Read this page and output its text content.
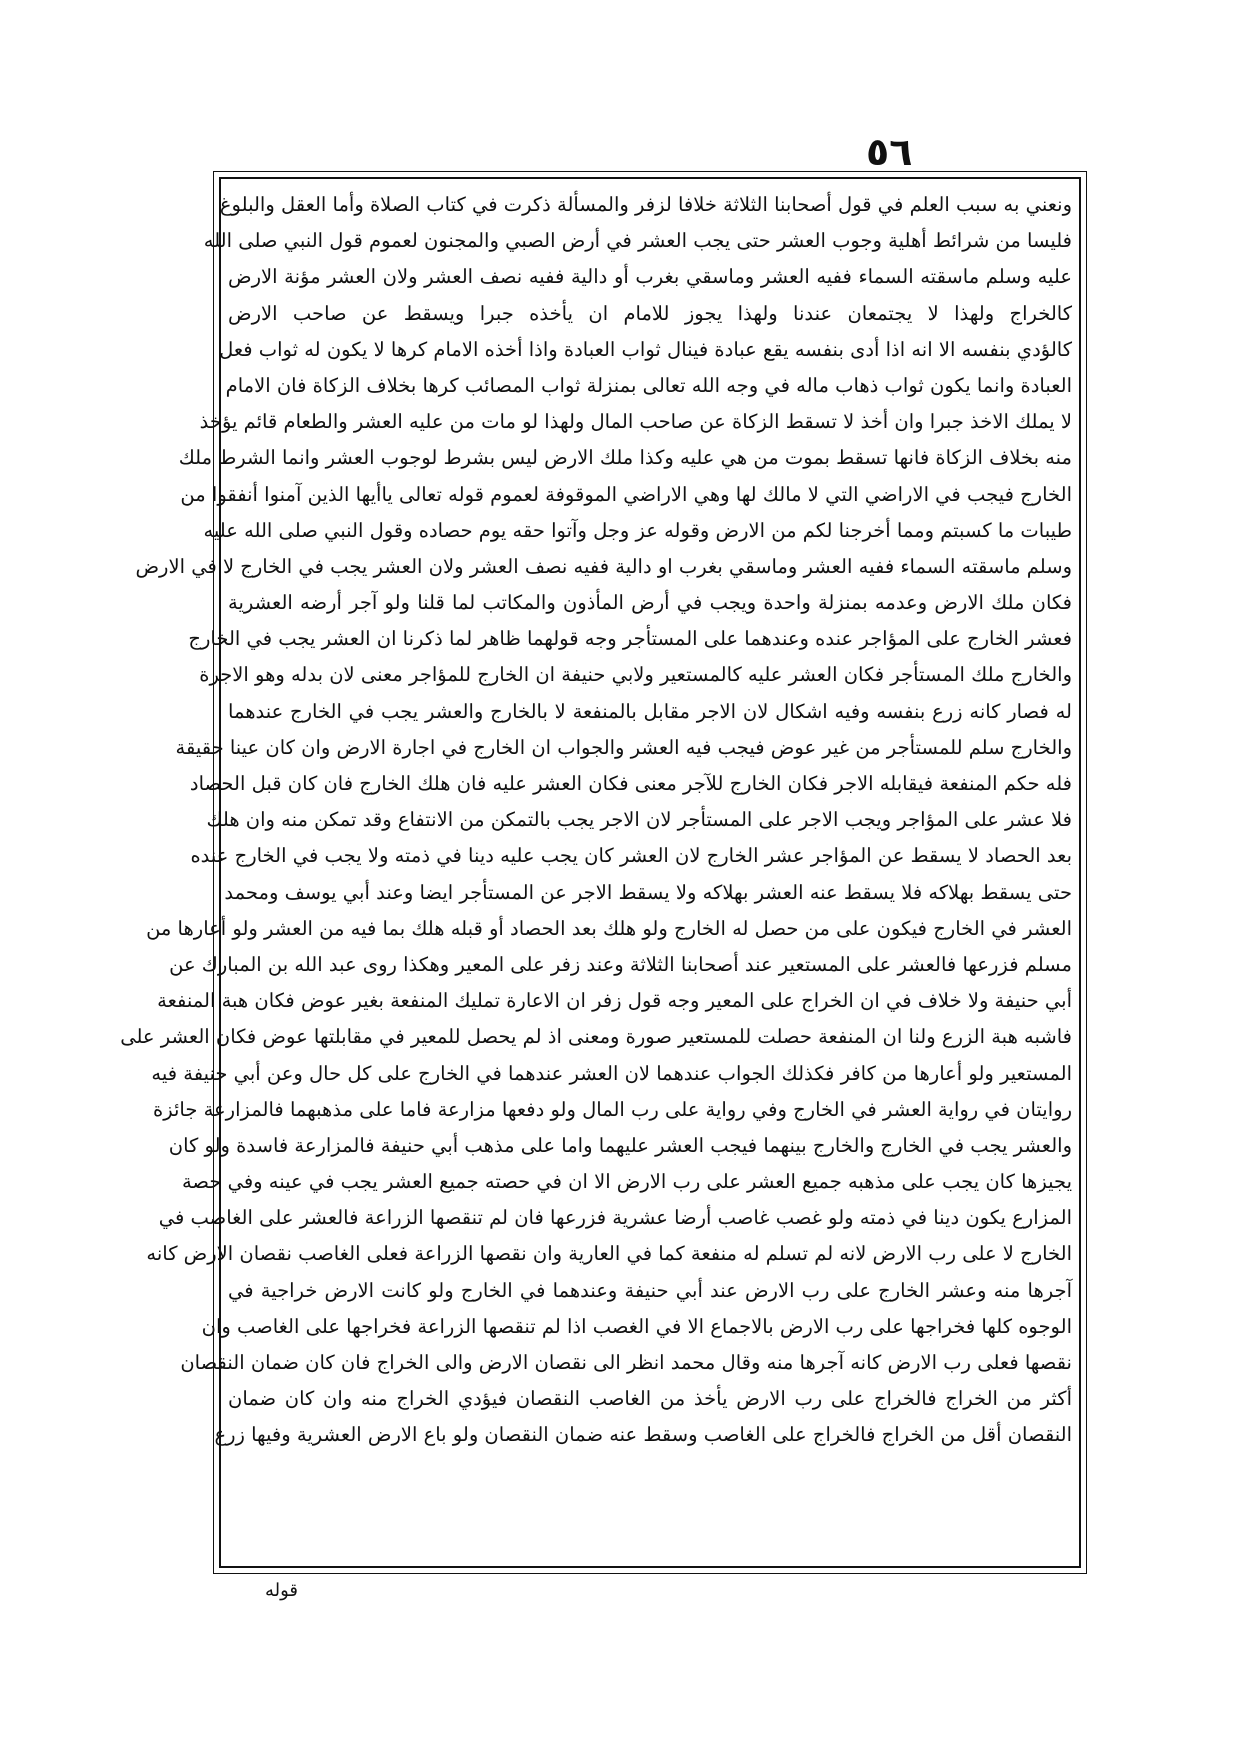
٥٦
ونعني به سبب العلم في قول أصحابنا الثلاثة خلافا لزفر والمسألة ذكرت في كتاب الصلاة وأما العقل والبلوغ
فليسا من شرائط أهلية وجوب العشر حتى يجب العشر في أرض الصبي والمجنون لعموم قول النبي صلى الله
عليه وسلم ماسقته السماء ففيه العشر وماسقي بغرب أو دالية ففيه نصف العشر ولان العشر مؤنة الارض
كالخراج ولهذا لا يجتمعان عندنا ولهذا يجوز للامام ان يأخذه جبرا ويسقط عن صاحب الارض
كالؤدي بنفسه الا انه اذا أدى بنفسه يقع عبادة فينال ثواب العبادة واذا أخذه الامام كرها لا يكون له ثواب فعل
العبادة وانما يكون ثواب ذهاب ماله في وجه الله تعالى بمنزلة ثواب المصائب كرها بخلاف الزكاة فان الامام
لا يملك الاخذ جبرا وان أخذ لا تسقط الزكاة عن صاحب المال ولهذا لو مات من عليه العشر والطعام قائم يؤخذ
منه بخلاف الزكاة فانها تسقط بموت من هي عليه وكذا ملك الارض ليس بشرط لوجوب العشر وانما الشرط ملك
الخارج فيجب في الاراضي التي لا مالك لها وهي الاراضي الموقوفة لعموم قوله تعالى ياأيها الذين آمنوا أنفقوا من
طيبات ما كسبتم ومما أخرجنا لكم من الارض وقوله عز وجل وآتوا حقه يوم حصاده وقول النبي صلى الله عليه
وسلم ماسقته السماء ففيه العشر وماسقي بغرب او دالية ففيه نصف العشر ولان العشر يجب في الخارج لا في الارض
فكان ملك الارض وعدمه بمنزلة واحدة ويجب في أرض المأذون والمكاتب لما قلنا ولو آجر أرضه العشرية
فعشر الخارج على المؤاجر عنده وعندهما على المستأجر وجه قولهما ظاهر لما ذكرنا ان العشر يجب في الخارج
والخارج ملك المستأجر فكان العشر عليه كالمستعير ولابي حنيفة ان الخارج للمؤاجر معنى لان بدله وهو الاجرة
له فصار كانه زرع بنفسه وفيه اشكال لان الاجر مقابل بالمنفعة لا بالخارج والعشر يجب في الخارج عندهما
والخارج سلم للمستأجر من غير عوض فيجب فيه العشر والجواب ان الخارج في اجارة الارض وان كان عينا حقيقة
فله حكم المنفعة فيقابله الاجر فكان الخارج للآجر معنى فكان العشر عليه فان هلك الخارج فان كان قبل الحصاد
فلا عشر على المؤاجر ويجب الاجر على المستأجر لان الاجر يجب بالتمكن من الانتفاع وقد تمكن منه وان هلك
بعد الحصاد لا يسقط عن المؤاجر عشر الخارج لان العشر كان يجب عليه دينا في ذمته ولا يجب في الخارج عنده
حتى يسقط بهلاكه فلا يسقط عنه العشر بهلاكه ولا يسقط الاجر عن المستأجر ايضا وعند أبي يوسف ومحمد
العشر في الخارج فيكون على من حصل له الخارج ولو هلك بعد الحصاد أو قبله هلك بما فيه من العشر ولو أعارها من
مسلم فزرعها فالعشر على المستعير عند أصحابنا الثلاثة وعند زفر على المعير وهكذا روى عبد الله بن المبارك عن
أبي حنيفة ولا خلاف في ان الخراج على المعير وجه قول زفر ان الاعارة تمليك المنفعة بغير عوض فكان هبة المنفعة
فاشبه هبة الزرع ولنا ان المنفعة حصلت للمستعير صورة ومعنى اذ لم يحصل للمعير في مقابلتها عوض فكان العشر على
المستعير ولو أعارها من كافر فكذلك الجواب عندهما لان العشر عندهما في الخارج على كل حال وعن أبي حنيفة فيه
روايتان في رواية العشر في الخارج وفي رواية على رب المال ولو دفعها مزارعة فاما على مذهبهما فالمزارعة جائزة
والعشر يجب في الخارج والخارج بينهما فيجب العشر عليهما واما على مذهب أبي حنيفة فالمزارعة فاسدة ولو كان
يجيزها كان يجب على مذهبه جميع العشر على رب الارض الا ان في حصته جميع العشر يجب في عينه وفي حصة
المزارع يكون دينا في ذمته ولو غصب غاصب أرضا عشرية فزرعها فان لم تنقصها الزراعة فالعشر على الغاصب في
الخارج لا على رب الارض لانه لم تسلم له منفعة كما في العارية وان نقصها الزراعة فعلى الغاصب نقصان الارض كانه
آجرها منه وعشر الخارج على رب الارض عند أبي حنيفة وعندهما في الخارج ولو كانت الارض خراجية في
الوجوه كلها فخراجها على رب الارض بالاجماع الا في الغصب اذا لم تنقصها الزراعة فخراجها على الغاصب وان
نقصها فعلى رب الارض كانه آجرها منه وقال محمد انظر الى نقصان الارض والى الخراج فان كان ضمان النقصان
أكثر من الخراج فالخراج على رب الارض يأخذ من الغاصب النقصان فيؤدي الخراج منه وان كان ضمان
النقصان أقل من الخراج فالخراج على الغاصب وسقط عنه ضمان النقصان ولو باع الارض العشرية وفيها زرع
قوله
